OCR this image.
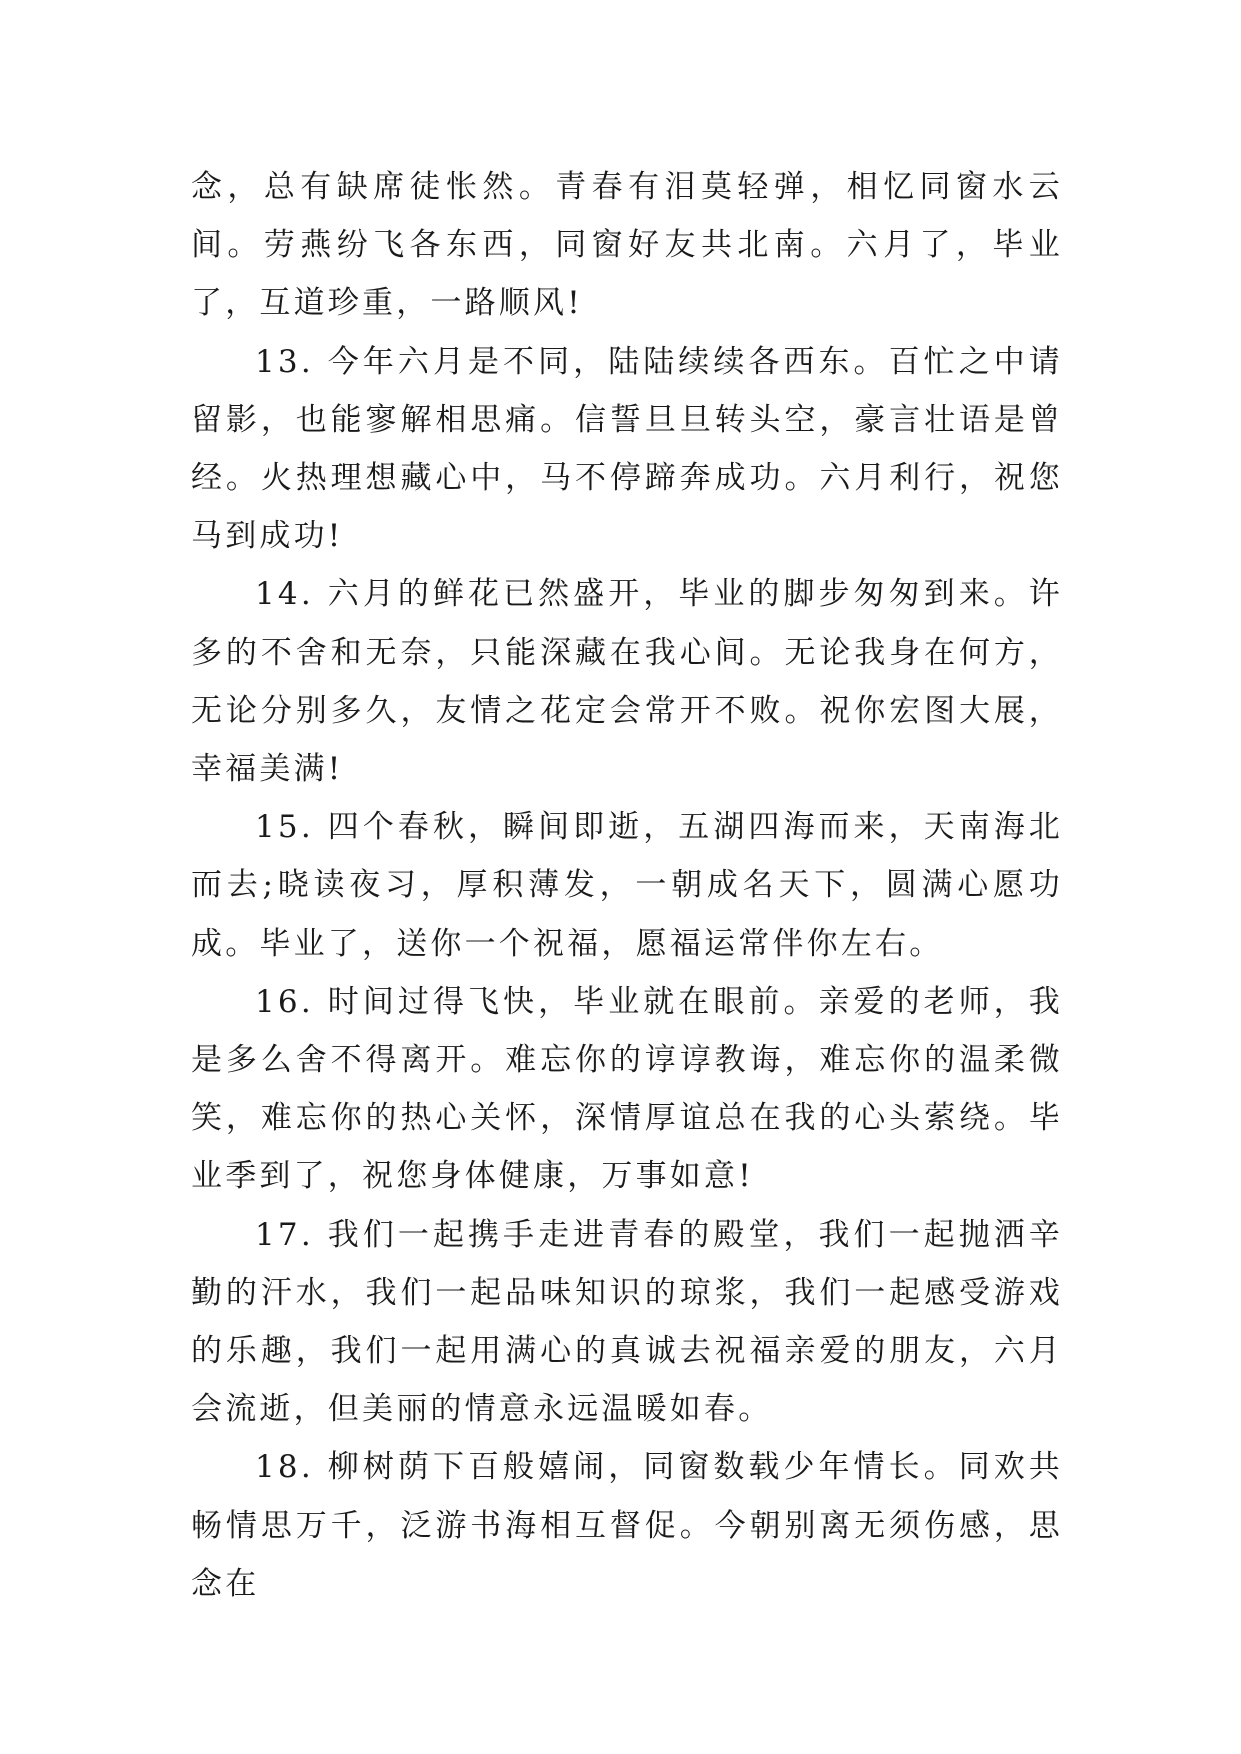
念，总有缺席徒怅然。青春有泪莫轻弹，相忆同窗水云间。劳燕纷飞各东西，同窗好友共北南。六月了，毕业了，互道珍重，一路顺风!

13. 今年六月是不同，陆陆续续各西东。百忙之中请留影，也能寥解相思痛。信誓旦旦转头空，豪言壮语是曾经。火热理想藏心中，马不停蹄奔成功。六月利行，祝您马到成功!

14. 六月的鲜花已然盛开，毕业的脚步匆匆到来。许多的不舍和无奈，只能深藏在我心间。无论我身在何方，无论分别多久，友情之花定会常开不败。祝你宏图大展，幸福美满!

15. 四个春秋，瞬间即逝，五湖四海而来，天南海北而去;晓读夜习，厚积薄发，一朝成名天下，圆满心愿功成。毕业了，送你一个祝福，愿福运常伴你左右。

16. 时间过得飞快，毕业就在眼前。亲爱的老师，我是多么舍不得离开。难忘你的谆谆教诲，难忘你的温柔微笑，难忘你的热心关怀，深情厚谊总在我的心头萦绕。毕业季到了，祝您身体健康，万事如意!

17. 我们一起携手走进青春的殿堂，我们一起抛洒辛勤的汗水，我们一起品味知识的琼浆，我们一起感受游戏的乐趣，我们一起用满心的真诚去祝福亲爱的朋友，六月会流逝，但美丽的情意永远温暖如春。

18. 柳树荫下百般嬉闹，同窗数载少年情长。同欢共畅情思万千，泛游书海相互督促。今朝别离无须伤感，思念在
